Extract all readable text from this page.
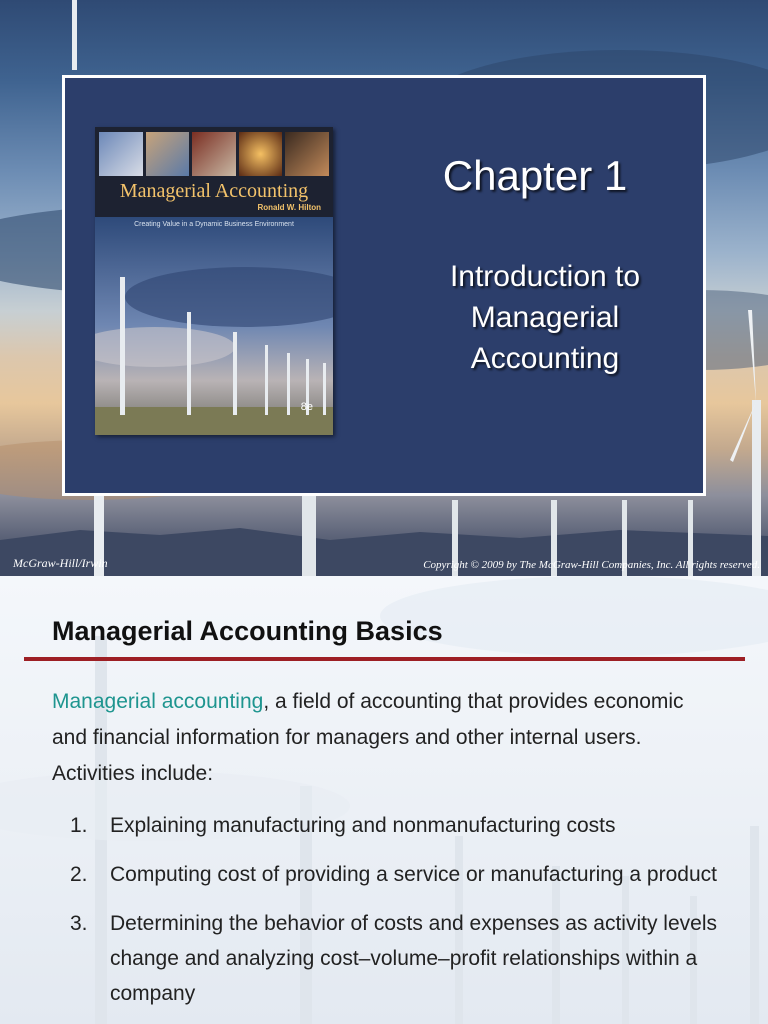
Managerial Accounting
Ronald W. Hilton
Creating Value in a Dynamic Business Environment
8e
Chapter 1
Introduction to
Managerial
Accounting
McGraw-Hill/Irwin	Copyright © 2009 by The McGraw-Hill Companies, Inc. All rights reserved.
Managerial Accounting Basics
Managerial accounting, a field of accounting that provides economic and financial information for managers and other internal users. Activities include:
1.	Explaining manufacturing and nonmanufacturing costs
2.	Computing cost of providing a service or manufacturing a product
3.	Determining the behavior of costs and expenses as activity levels change and analyzing cost–volume–profit relationships within a company
